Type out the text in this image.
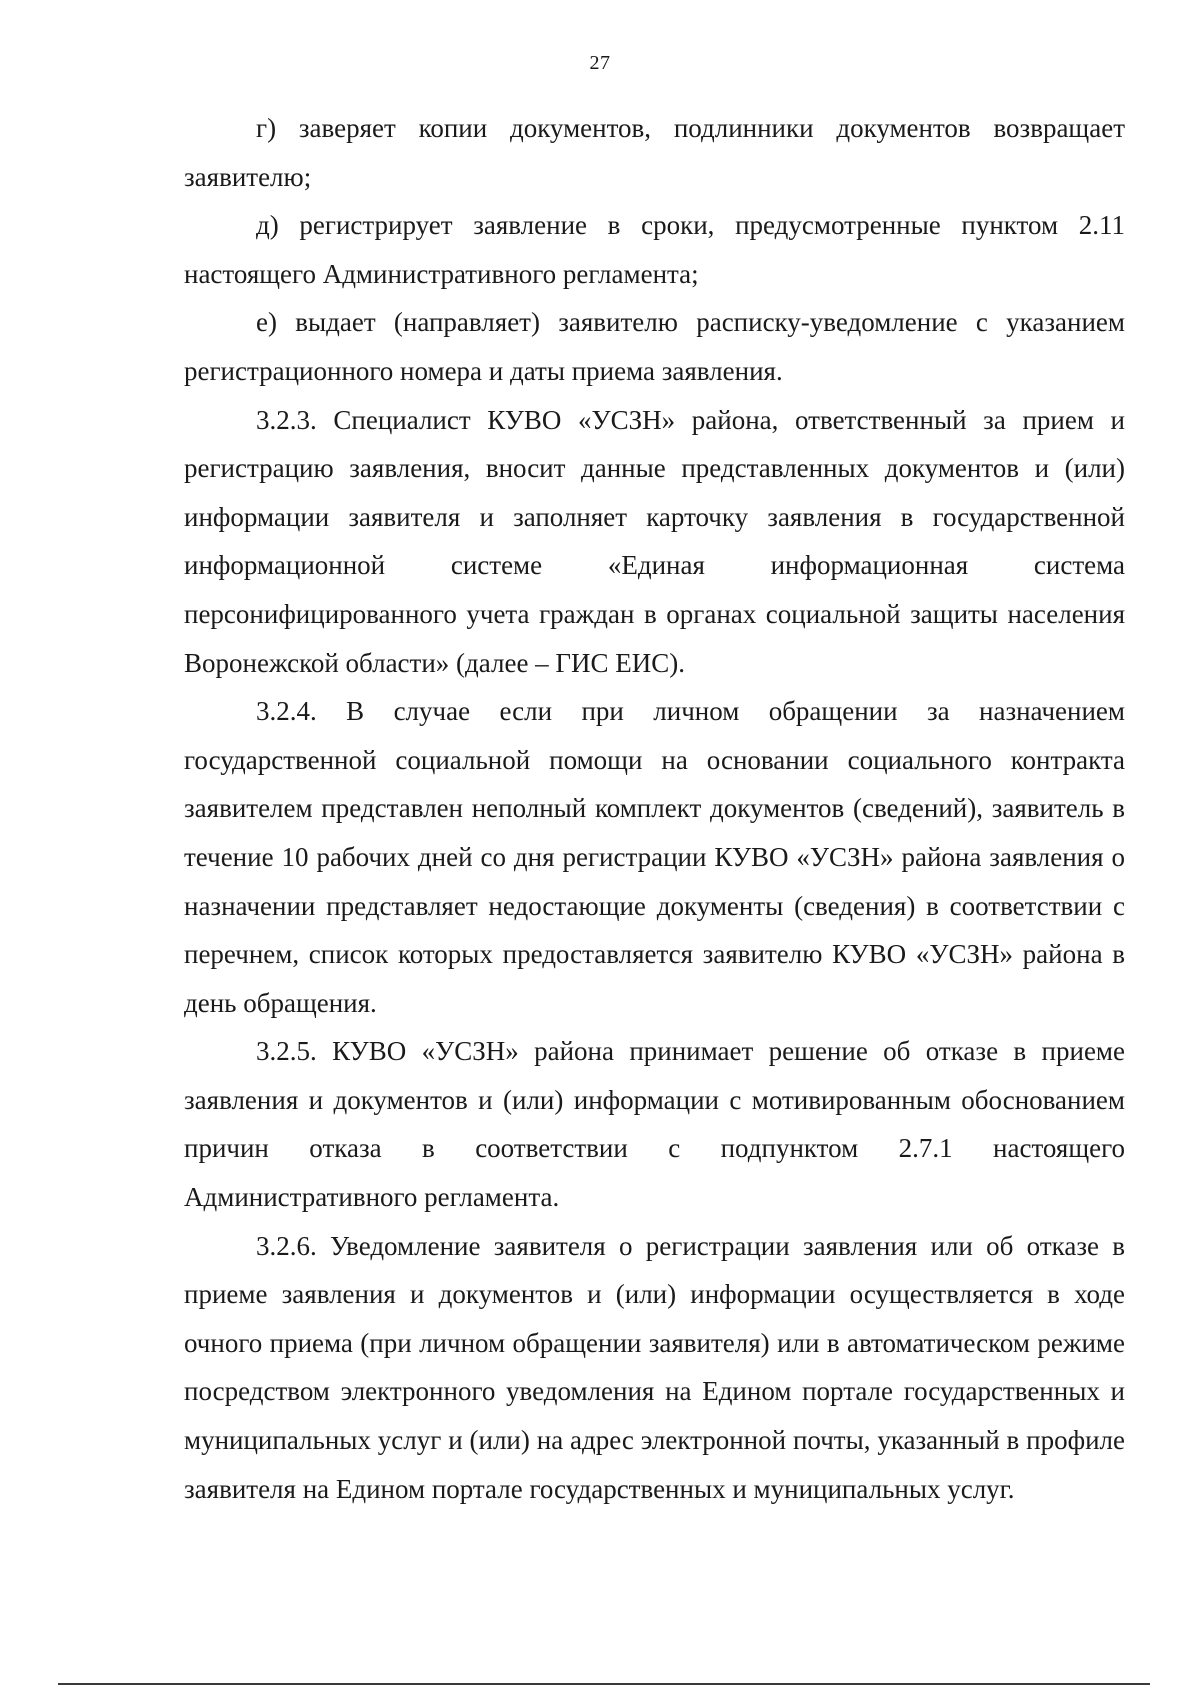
27

г) заверяет копии документов, подлинники документов возвращает заявителю;

д) регистрирует заявление в сроки, предусмотренные пунктом 2.11 настоящего Административного регламента;

е) выдает (направляет) заявителю расписку-уведомление с указанием регистрационного номера и даты приема заявления.

3.2.3. Специалист КУВО «УСЗН» района, ответственный за прием и регистрацию заявления, вносит данные представленных документов и (или) информации заявителя и заполняет карточку заявления в государственной информационной системе «Единая информационная система персонифицированного учета граждан в органах социальной защиты населения Воронежской области» (далее – ГИС ЕИС).

3.2.4. В случае если при личном обращении за назначением государственной социальной помощи на основании социального контракта заявителем представлен неполный комплект документов (сведений), заявитель в течение 10 рабочих дней со дня регистрации КУВО «УСЗН» района заявления о назначении представляет недостающие документы (сведения) в соответствии с перечнем, список которых предоставляется заявителю КУВО «УСЗН» района в день обращения.

3.2.5. КУВО «УСЗН» района принимает решение об отказе в приеме заявления и документов и (или) информации с мотивированным обоснованием причин отказа в соответствии с подпунктом 2.7.1 настоящего Административного регламента.

3.2.6. Уведомление заявителя о регистрации заявления или об отказе в приеме заявления и документов и (или) информации осуществляется в ходе очного приема (при личном обращении заявителя) или в автоматическом режиме посредством электронного уведомления на Едином портале государственных и муниципальных услуг и (или) на адрес электронной почты, указанный в профиле заявителя на Едином портале государственных и муниципальных услуг.
